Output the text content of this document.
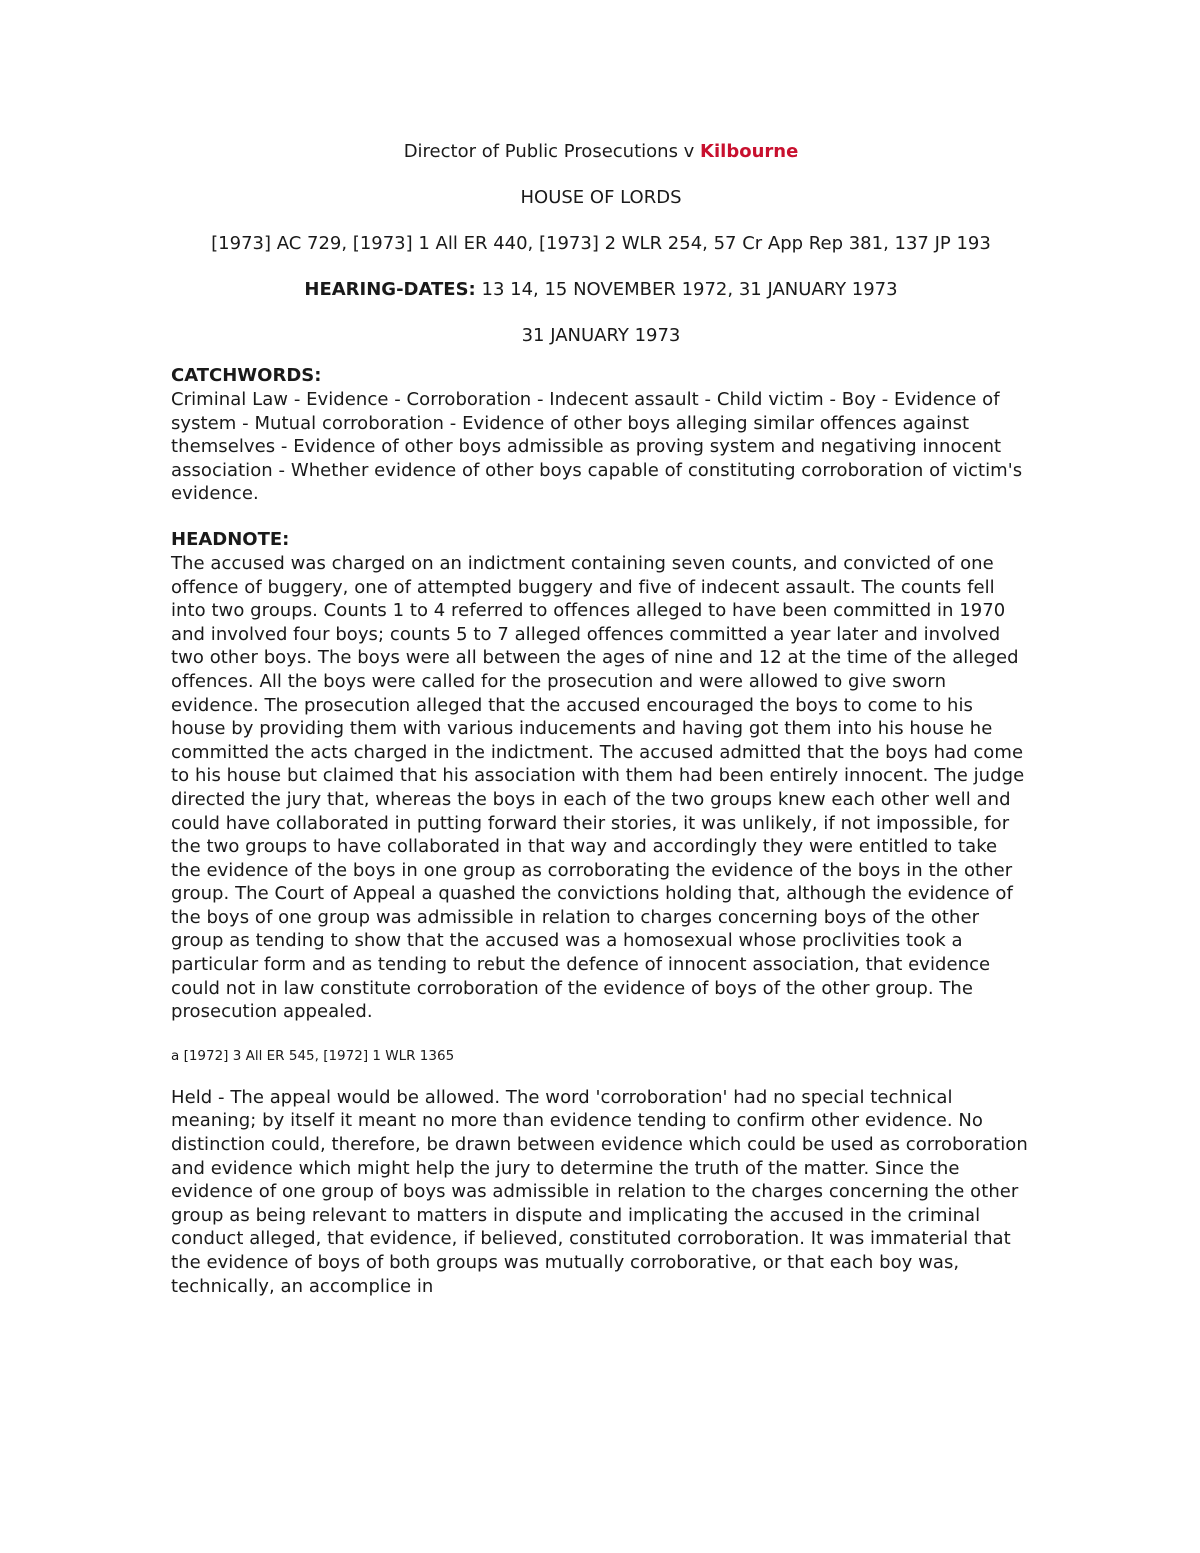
Director of Public Prosecutions v Kilbourne

HOUSE OF LORDS

[1973] AC 729, [1973] 1 All ER 440, [1973] 2 WLR 254, 57 Cr App Rep 381, 137 JP 193

HEARING-DATES: 13 14, 15 NOVEMBER 1972, 31 JANUARY 1973

31 JANUARY 1973

CATCHWORDS:

Criminal Law - Evidence - Corroboration - Indecent assault - Child victim - Boy - Evidence of system - Mutual corroboration - Evidence of other boys alleging similar offences against themselves - Evidence of other boys admissible as proving system and negativing innocent association - Whether evidence of other boys capable of constituting corroboration of victim's evidence.

HEADNOTE:

The accused was charged on an indictment containing seven counts, and convicted of one offence of buggery, one of attempted buggery and five of indecent assault. The counts fell into two groups. Counts 1 to 4 referred to offences alleged to have been committed in 1970 and involved four boys; counts 5 to 7 alleged offences committed a year later and involved two other boys. The boys were all between the ages of nine and 12 at the time of the alleged offences. All the boys were called for the prosecution and were allowed to give sworn evidence. The prosecution alleged that the accused encouraged the boys to come to his house by providing them with various inducements and having got them into his house he committed the acts charged in the indictment. The accused admitted that the boys had come to his house but claimed that his association with them had been entirely innocent. The judge directed the jury that, whereas the boys in each of the two groups knew each other well and could have collaborated in putting forward their stories, it was unlikely, if not impossible, for the two groups to have collaborated in that way and accordingly they were entitled to take the evidence of the boys in one group as corroborating the evidence of the boys in the other group. The Court of Appeal a quashed the convictions holding that, although the evidence of the boys of one group was admissible in relation to charges concerning boys of the other group as tending to show that the accused was a homosexual whose proclivities took a particular form and as tending to rebut the defence of innocent association, that evidence could not in law constitute corroboration of the evidence of boys of the other group. The prosecution appealed.

a [1972] 3 All ER 545, [1972] 1 WLR 1365

Held - The appeal would be allowed. The word 'corroboration' had no special technical meaning; by itself it meant no more than evidence tending to confirm other evidence. No distinction could, therefore, be drawn between evidence which could be used as corroboration and evidence which might help the jury to determine the truth of the matter. Since the evidence of one group of boys was admissible in relation to the charges concerning the other group as being relevant to matters in dispute and implicating the accused in the criminal conduct alleged, that evidence, if believed, constituted corroboration. It was immaterial that the evidence of boys of both groups was mutually corroborative, or that each boy was, technically, an accomplice in
